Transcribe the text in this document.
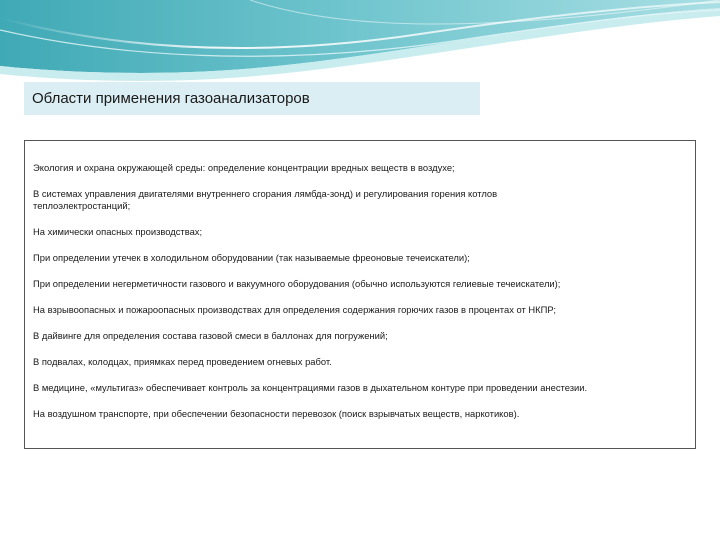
Области применения газоанализаторов

Экология и охрана окружающей среды: определение концентрации вредных веществ в воздухе;

В системах управления двигателями внутреннего сгорания лямбда-зонд) и регулирования горения котлов теплоэлектростанций;

На химически опасных производствах;

При определении утечек в холодильном оборудовании (так называемые фреоновые течеискатели);

При определении негерметичности газового и вакуумного оборудования (обычно используются гелиевые течеискатели);

На взрывоопасных и пожароопасных производствах для определения содержания горючих газов в процентах от НКПР;

В дайвинге для определения состава газовой смеси в баллонах для погружений;

В подвалах, колодцах, приямках перед проведением огневых работ.

В медицине, «мультигаз» обеспечивает контроль за концентрациями газов в дыхательном контуре при проведении анестезии.

На воздушном транспорте, при обеспечении безопасности перевозок (поиск взрывчатых веществ, наркотиков).
